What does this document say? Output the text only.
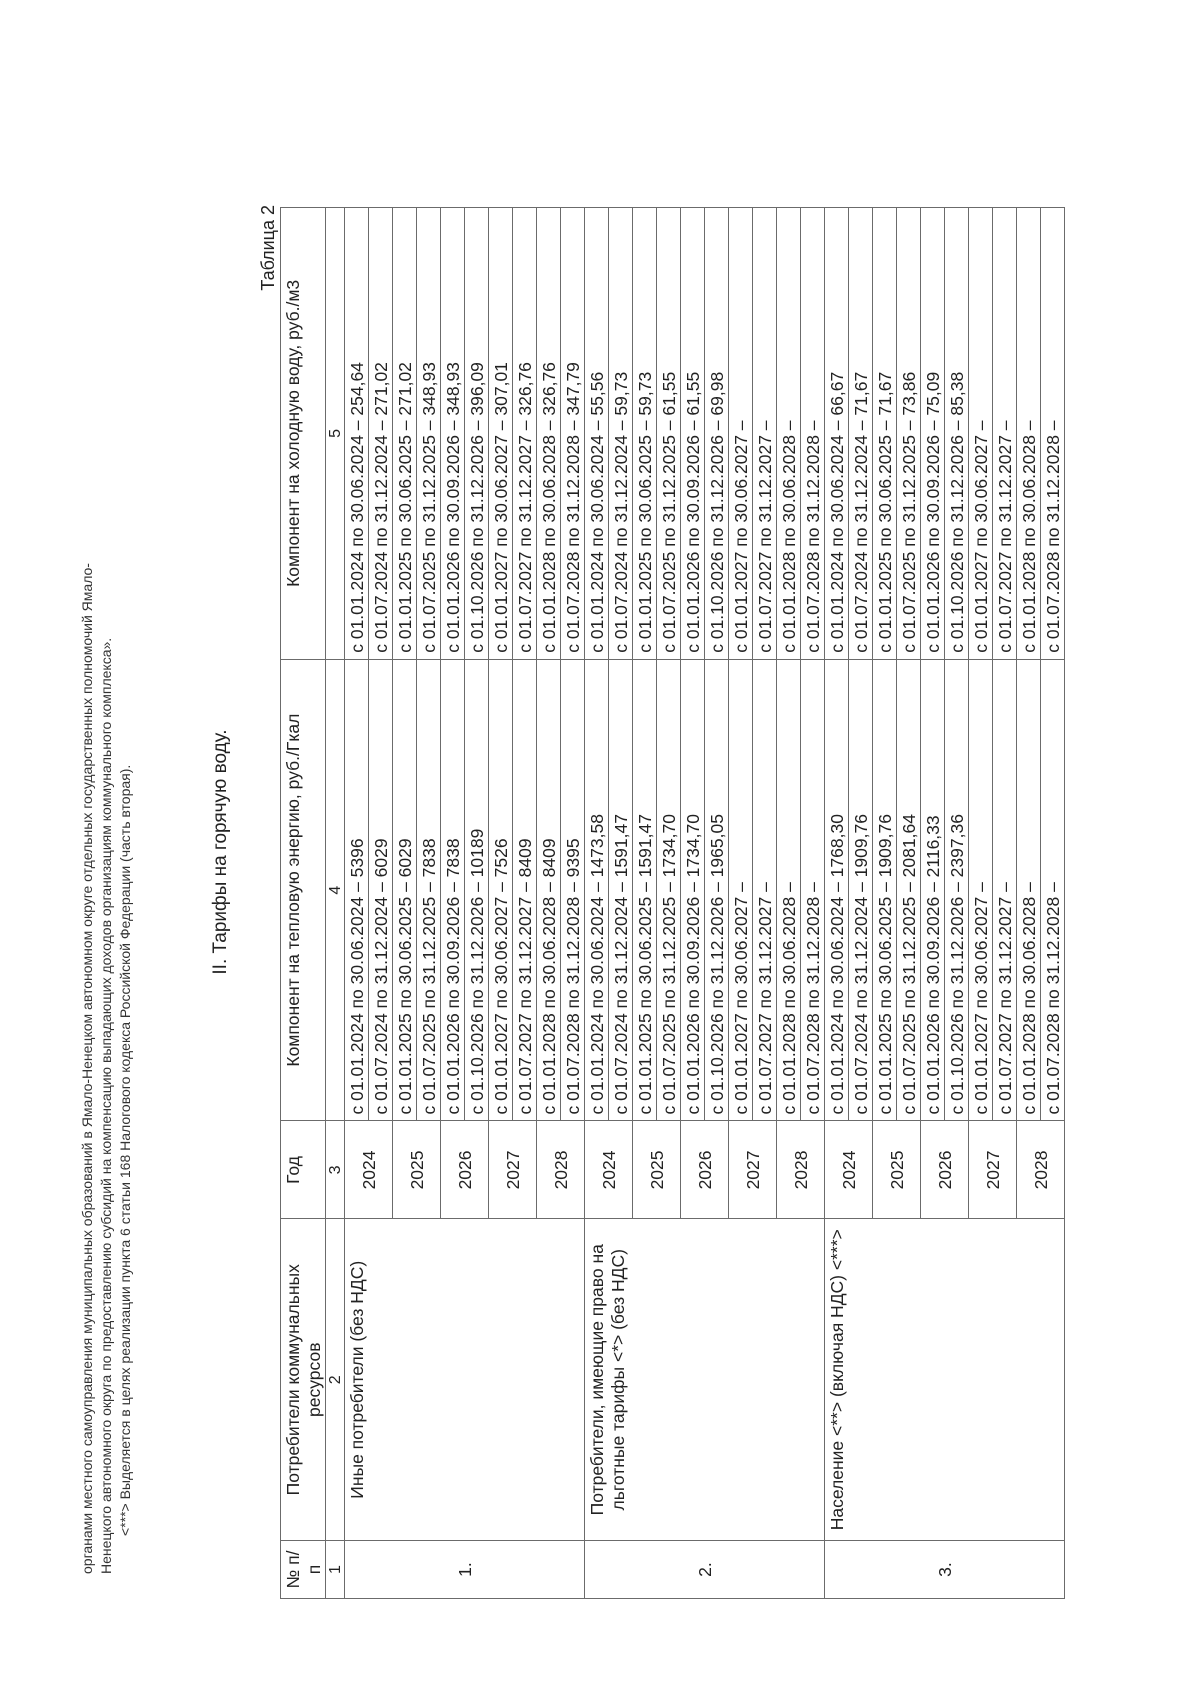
органами местного самоуправления муниципальных образований в Ямало-Ненецком автономном округе отдельных государственных полномочий Ямало- Ненецкого автономного округа по предоставлению субсидий на компенсацию выпадающих доходов организациям коммунального комплекса». <***> Выделяется в целях реализации пункта 6 статьи 168 Налогового кодекса Российской Федерации (часть вторая).	II. Тарифы на горячую воду.
Таблица 2
№ п/п	Потребители коммунальных ресурсов	Год	Компонент на тепловую энергию, руб./Гкал	Компонент на холодную воду, руб./м3
1	2	3	4	5
1.	Иные потребители (без НДС)	2024	с 01.01.2024 по 30.06.2024 – 5396	с 01.01.2024 по 30.06.2024 – 254,64
			с 01.07.2024 по 31.12.2024 – 6029	с 01.07.2024 по 31.12.2024 – 271,02
		2025	с 01.01.2025 по 30.06.2025 – 6029	с 01.01.2025 по 30.06.2025 – 271,02
			с 01.07.2025 по 31.12.2025 – 7838	с 01.07.2025 по 31.12.2025 – 348,93
		2026	с 01.01.2026 по 30.09.2026 – 7838	с 01.01.2026 по 30.09.2026 – 348,93
			с 01.10.2026 по 31.12.2026 – 10189	с 01.10.2026 по 31.12.2026 – 396,09
		2027	с 01.01.2027 по 30.06.2027 – 7526	с 01.01.2027 по 30.06.2027 – 307,01
			с 01.07.2027 по 31.12.2027 – 8409	с 01.07.2027 по 31.12.2027 – 326,76
		2028	с 01.01.2028 по 30.06.2028 – 8409	с 01.01.2028 по 30.06.2028 – 326,76
			с 01.07.2028 по 31.12.2028 – 9395	с 01.07.2028 по 31.12.2028 – 347,79
2.	Потребители, имеющие право на льготные тарифы <*> (без НДС)	2024	с 01.01.2024 по 30.06.2024 – 1473,58	с 01.01.2024 по 30.06.2024 – 55,56
			с 01.07.2024 по 31.12.2024 – 1591,47	с 01.07.2024 по 31.12.2024 – 59,73
		2025	с 01.01.2025 по 30.06.2025 – 1591,47	с 01.01.2025 по 30.06.2025 – 59,73
			с 01.07.2025 по 31.12.2025 – 1734,70	с 01.07.2025 по 31.12.2025 – 61,55
		2026	с 01.01.2026 по 30.09.2026 – 1734,70	с 01.01.2026 по 30.09.2026 – 61,55
			с 01.10.2026 по 31.12.2026 – 1965,05	с 01.10.2026 по 31.12.2026 – 69,98
		2027	с 01.01.2027 по 30.06.2027 –	с 01.01.2027 по 30.06.2027 –
			с 01.07.2027 по 31.12.2027 –	с 01.07.2027 по 31.12.2027 –
		2028	с 01.01.2028 по 30.06.2028 –	с 01.01.2028 по 30.06.2028 –
			с 01.07.2028 по 31.12.2028 –	с 01.07.2028 по 31.12.2028 –
3.	Население <**> (включая НДС) <***>	2024	с 01.01.2024 по 30.06.2024 – 1768,30	с 01.01.2024 по 30.06.2024 – 66,67
			с 01.07.2024 по 31.12.2024 – 1909,76	с 01.07.2024 по 31.12.2024 – 71,67
		2025	с 01.01.2025 по 30.06.2025 – 1909,76	с 01.01.2025 по 30.06.2025 – 71,67
			с 01.07.2025 по 31.12.2025 – 2081,64	с 01.07.2025 по 31.12.2025 – 73,86
		2026	с 01.01.2026 по 30.09.2026 – 2116,33	с 01.01.2026 по 30.09.2026 – 75,09
			с 01.10.2026 по 31.12.2026 – 2397,36	с 01.10.2026 по 31.12.2026 – 85,38
		2027	с 01.01.2027 по 30.06.2027 –	с 01.01.2027 по 30.06.2027 –
			с 01.07.2027 по 31.12.2027 –	с 01.07.2027 по 31.12.2027 –
		2028	с 01.01.2028 по 30.06.2028 –	с 01.01.2028 по 30.06.2028 –
			с 01.07.2028 по 31.12.2028 –	с 01.07.2028 по 31.12.2028 –
